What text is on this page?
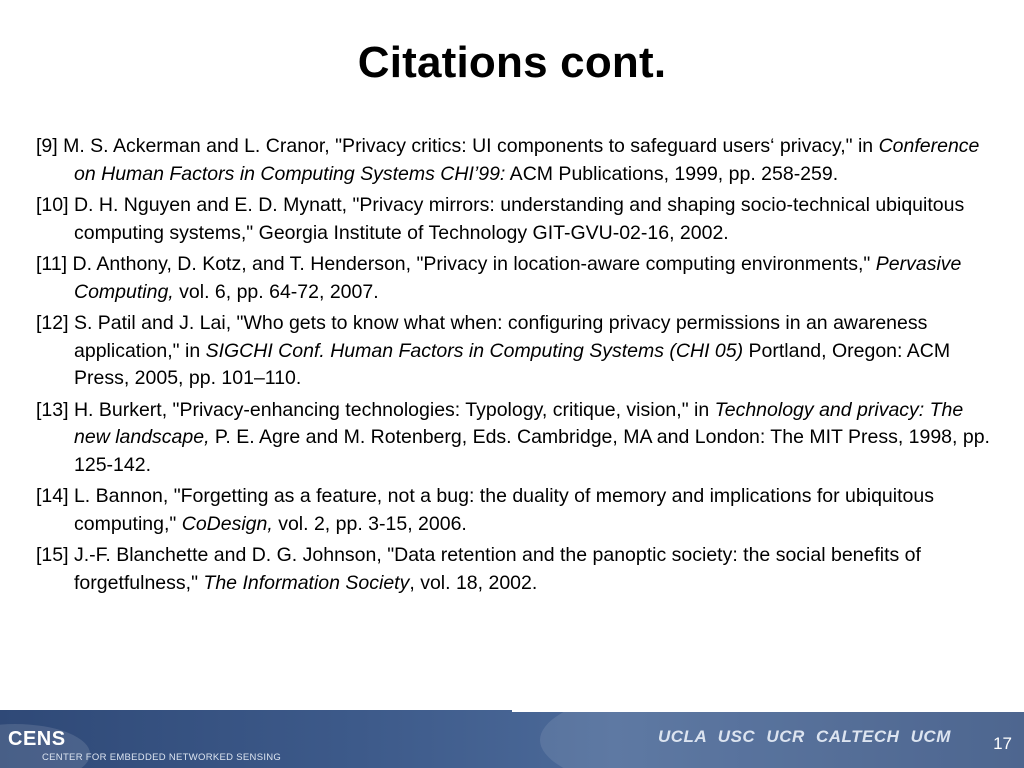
Citations cont.
[9] M. S. Ackerman and L. Cranor, "Privacy critics: UI components to safeguard users‘ privacy," in Conference on Human Factors in Computing Systems CHI’99: ACM Publications, 1999, pp. 258-259.
[10] D. H. Nguyen and E. D. Mynatt, "Privacy mirrors: understanding and shaping socio-technical ubiquitous computing systems," Georgia Institute of Technology GIT-GVU-02-16, 2002.
[11] D. Anthony, D. Kotz, and T. Henderson, "Privacy in location-aware computing environments," Pervasive Computing, vol. 6, pp. 64-72, 2007.
[12] S. Patil and J. Lai, "Who gets to know what when: configuring privacy permissions in an awareness application," in SIGCHI Conf. Human Factors in Computing Systems (CHI 05) Portland, Oregon: ACM Press, 2005, pp. 101–110.
[13] H. Burkert, "Privacy-enhancing technologies: Typology, critique, vision," in Technology and privacy: The new landscape, P. E. Agre and M. Rotenberg, Eds. Cambridge, MA and London: The MIT Press, 1998, pp. 125-142.
[14] L. Bannon, "Forgetting as a feature, not a bug: the duality of memory and implications for ubiquitous computing," CoDesign, vol. 2, pp. 3-15, 2006.
[15] J.-F. Blanchette and D. G. Johnson, "Data retention and the panoptic society: the social benefits of forgetfulness," The Information Society, vol. 18, 2002.
CENS
CENTER FOR EMBEDDED NETWORKED SENSING
UCLA USC UCR CALTECH UCM 17
